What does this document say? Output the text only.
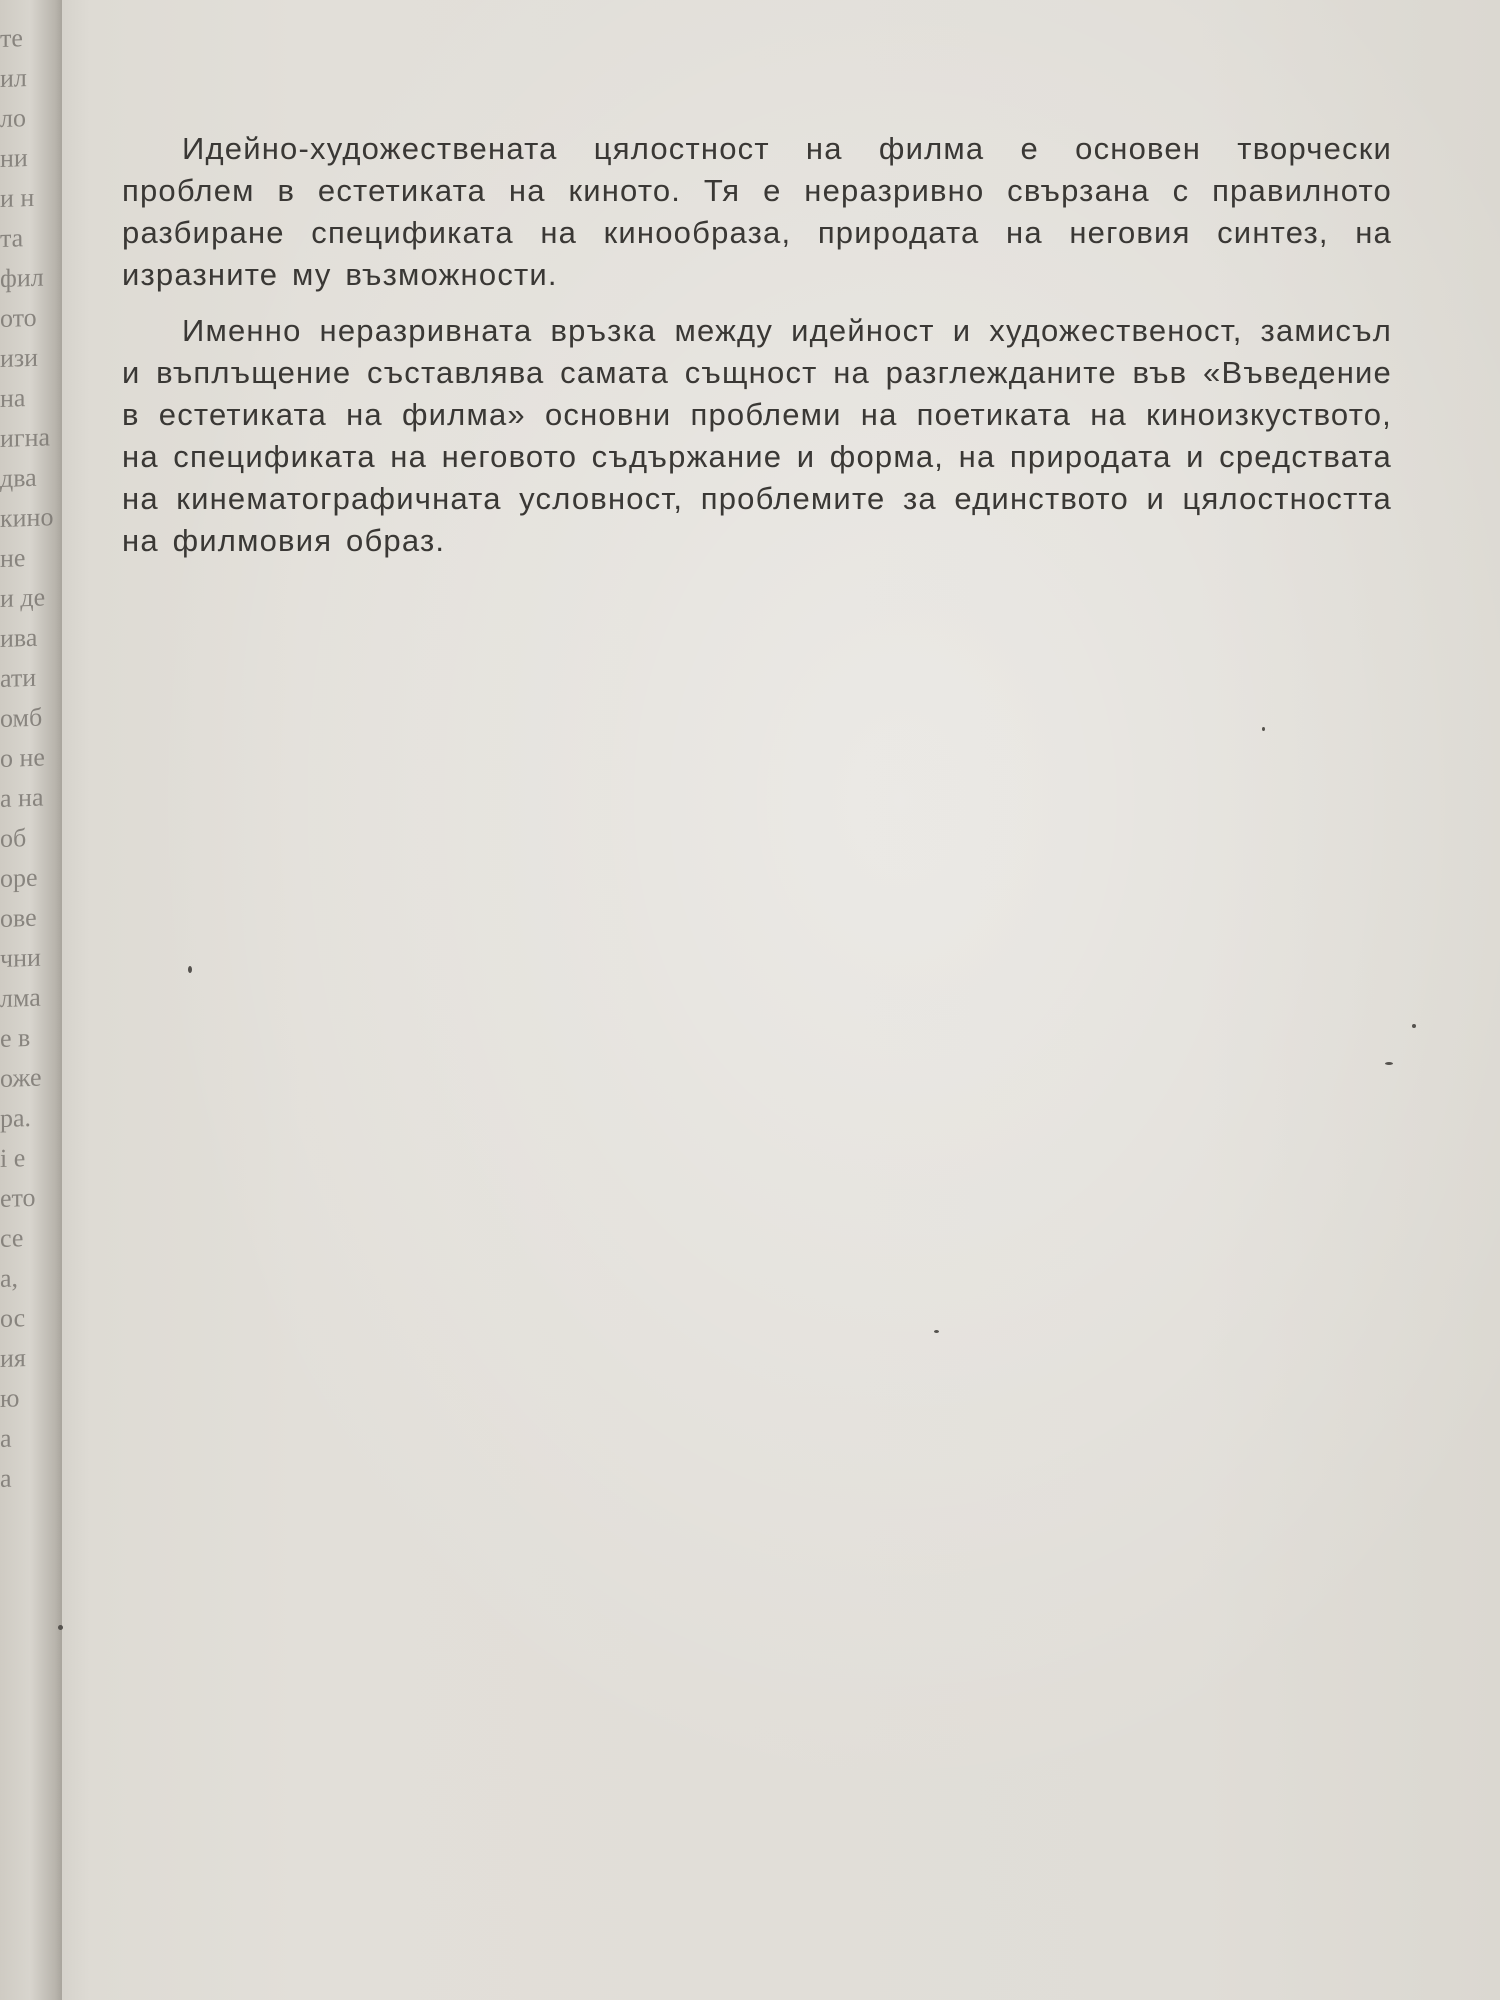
те
ил
ло
ни
и н
та
фил
ото
изи
на
игна
два
кино
не
и де
ива
ати
омб
о не
а на
об
оре
ове
чни
лма
е в
оже
ра.
і е
ето
се
а,
ос
ия
ю
а
а

Идейно-художествената цялостност на филма е основен творчески проблем в естетиката на киното. Тя е неразривно свързана с правилното разбиране спецификата на кинообраза, природата на неговия синтез, на изразните му възможности.

Именно неразривната връзка между идейност и художественост, замисъл и въплъщение съставлява самата същност на разглежданите във «Въведение в естетиката на филма» основни проблеми на поетиката на киноизкуството, на спецификата на неговото съдържание и форма, на природата и средствата на кинематографичната условност, проблемите за единството и цялостността на филмовия образ.
